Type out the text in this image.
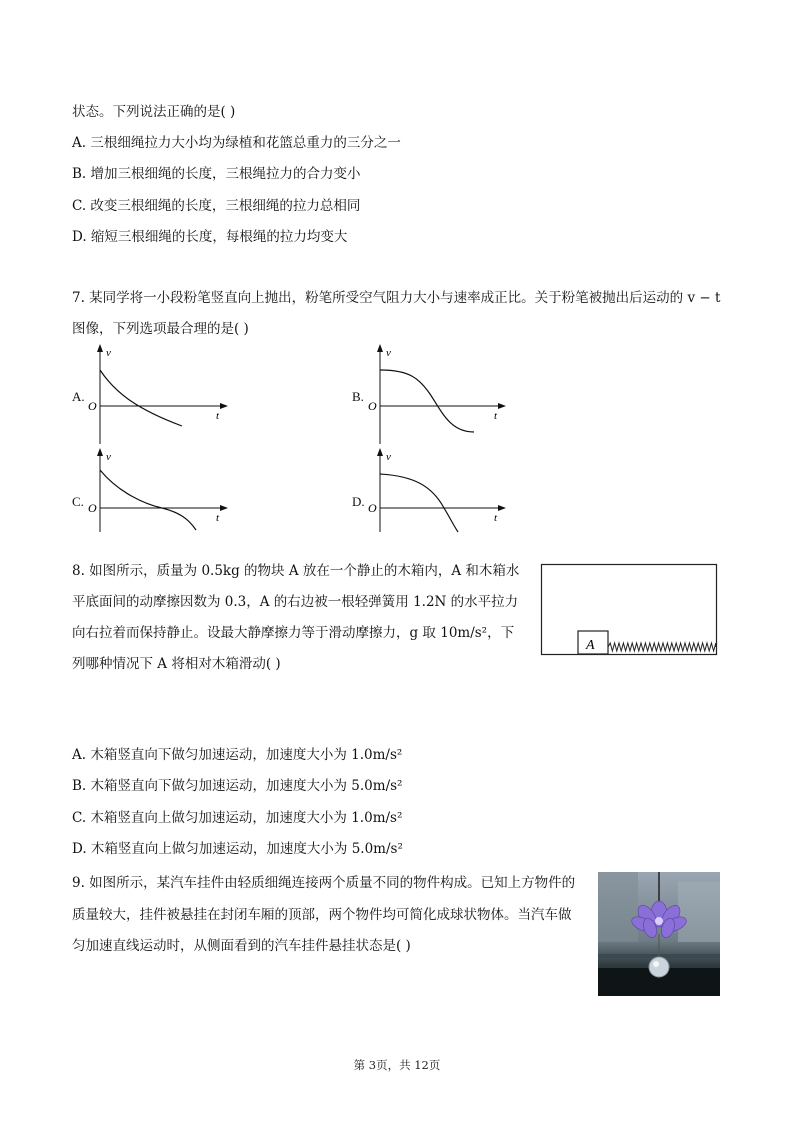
状态。下列说法正确的是( )
A. 三根细绳拉力大小均为绿植和花篮总重力的三分之一
B. 增加三根细绳的长度，三根绳拉力的合力变小
C. 改变三根细绳的长度，三根细绳的拉力总相同
D. 缩短三根细绳的长度，每根绳的拉力均变大
7. 某同学将一小段粉笔竖直向上抛出，粉笔所受空气阻力大小与速率成正比。关于粉笔被抛出后运动的 v − t
图像，下列选项最合理的是( )
A.
v
t
O
B.
v
t
O
C.
v
t
O	D.
v
t
O
8. 如图所示，质量为 0.5kg 的物块 A 放在一个静止的木箱内，A 和木箱水
平底面间的动摩擦因数为 0.3，A 的右边被一根轻弹簧用 1.2N 的水平拉力
向右拉着而保持静止。设最大静摩擦力等于滑动摩擦力，g 取 10m/s²，下
列哪种情况下 A 将相对木箱滑动( )
A
A. 木箱竖直向下做匀加速运动，加速度大小为 1.0m/s²
B. 木箱竖直向下做匀加速运动，加速度大小为 5.0m/s²
C. 木箱竖直向上做匀加速运动，加速度大小为 1.0m/s²
D. 木箱竖直向上做匀加速运动，加速度大小为 5.0m/s²
9. 如图所示，某汽车挂件由轻质细绳连接两个质量不同的物件构成。已知上方物件的
质量较大，挂件被悬挂在封闭车厢的顶部，两个物件均可简化成球状物体。当汽车做
匀加速直线运动时，从侧面看到的汽车挂件悬挂状态是( )
第 3页，共 12页
